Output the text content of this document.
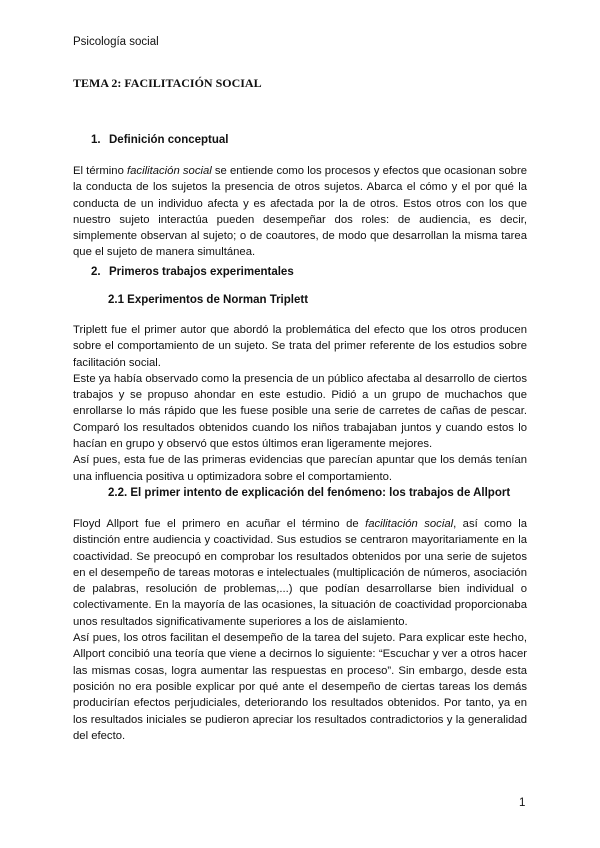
Psicología social
TEMA 2: FACILITACIÓN SOCIAL
1. Definición conceptual

El término facilitación social se entiende como los procesos y efectos que ocasionan sobre la conducta de los sujetos la presencia de otros sujetos. Abarca el cómo y el por qué la conducta de un individuo afecta y es afectada por la de otros. Estos otros con los que nuestro sujeto interactúa pueden desempeñar dos roles: de audiencia, es decir, simplemente observan al sujeto; o de coautores, de modo que desarrollan la misma tarea que el sujeto de manera simultánea.

2. Primeros trabajos experimentales
2.1 Experimentos de Norman Triplett

Triplett fue el primer autor que abordó la problemática del efecto que los otros producen sobre el comportamiento de un sujeto. Se trata del primer referente de los estudios sobre facilitación social.

Este ya había observado como la presencia de un público afectaba al desarrollo de ciertos trabajos y se propuso ahondar en este estudio. Pidió a un grupo de muchachos que enrollarse lo más rápido que les fuese posible una serie de carretes de cañas de pescar. Comparó los resultados obtenidos cuando los niños trabajaban juntos y cuando estos lo hacían en grupo y observó que estos últimos eran ligeramente mejores.

Así pues, esta fue de las primeras evidencias que parecían apuntar que los demás tenían una influencia positiva u optimizadora sobre el comportamiento.

2.2. El primer intento de explicación del fenómeno: los trabajos de Allport

Floyd Allport fue el primero en acuñar el término de facilitación social, así como la distinción entre audiencia y coactividad. Sus estudios se centraron mayoritariamente en la coactividad. Se preocupó en comprobar los resultados obtenidos por una serie de sujetos en el desempeño de tareas motoras e intelectuales (multiplicación de números, asociación de palabras, resolución de problemas,...) que podían desarrollarse bien individual o colectivamente. En la mayoría de las ocasiones, la situación de coactividad proporcionaba unos resultados significativamente superiores a los de aislamiento.

Así pues, los otros facilitan el desempeño de la tarea del sujeto. Para explicar este hecho, Allport concibió una teoría que viene a decirnos lo siguiente: “Escuchar y ver a otros hacer las mismas cosas, logra aumentar las respuestas en proceso”. Sin embargo, desde esta posición no era posible explicar por qué ante el desempeño de ciertas tareas los demás producirían efectos perjudiciales, deteriorando los resultados obtenidos. Por tanto, ya en los resultados iniciales se pudieron apreciar los resultados contradictorios y la generalidad del efecto.

1
